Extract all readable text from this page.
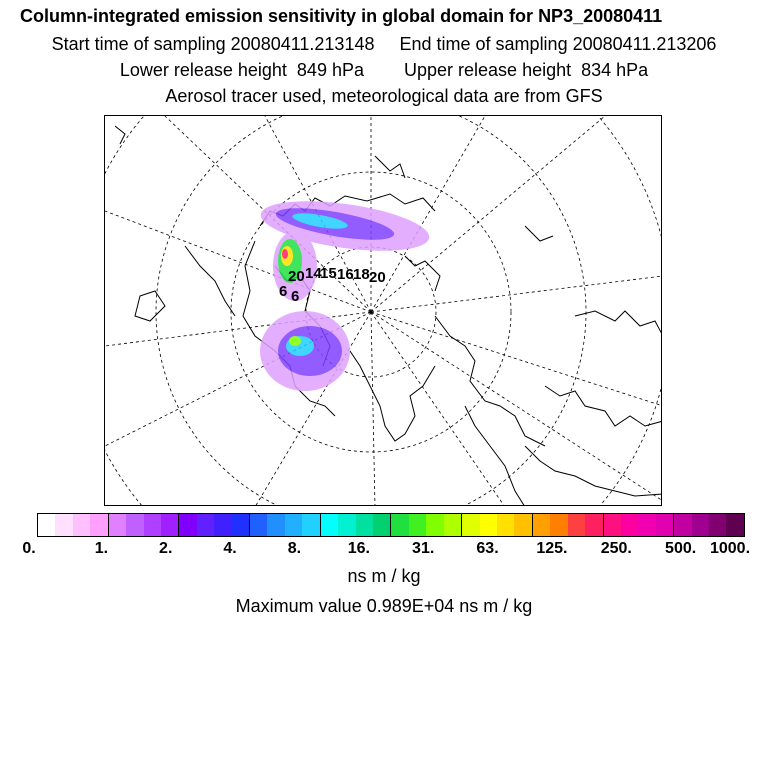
Column-integrated emission sensitivity in global domain for NP3_20080411
Start time of sampling 20080411.213148 End time of sampling 20080411.213206
Lower release height  849 hPa Upper release height  834 hPa
Aerosol tracer used, meteorological data are from GFS
20 14
15 16 18 20
6 6
0.	1.	2.	4.	8.	16.	31.	63. 125. 250. 500. 1000.
ns m / kg
Maximum value 0.989E+04 ns m / kg
